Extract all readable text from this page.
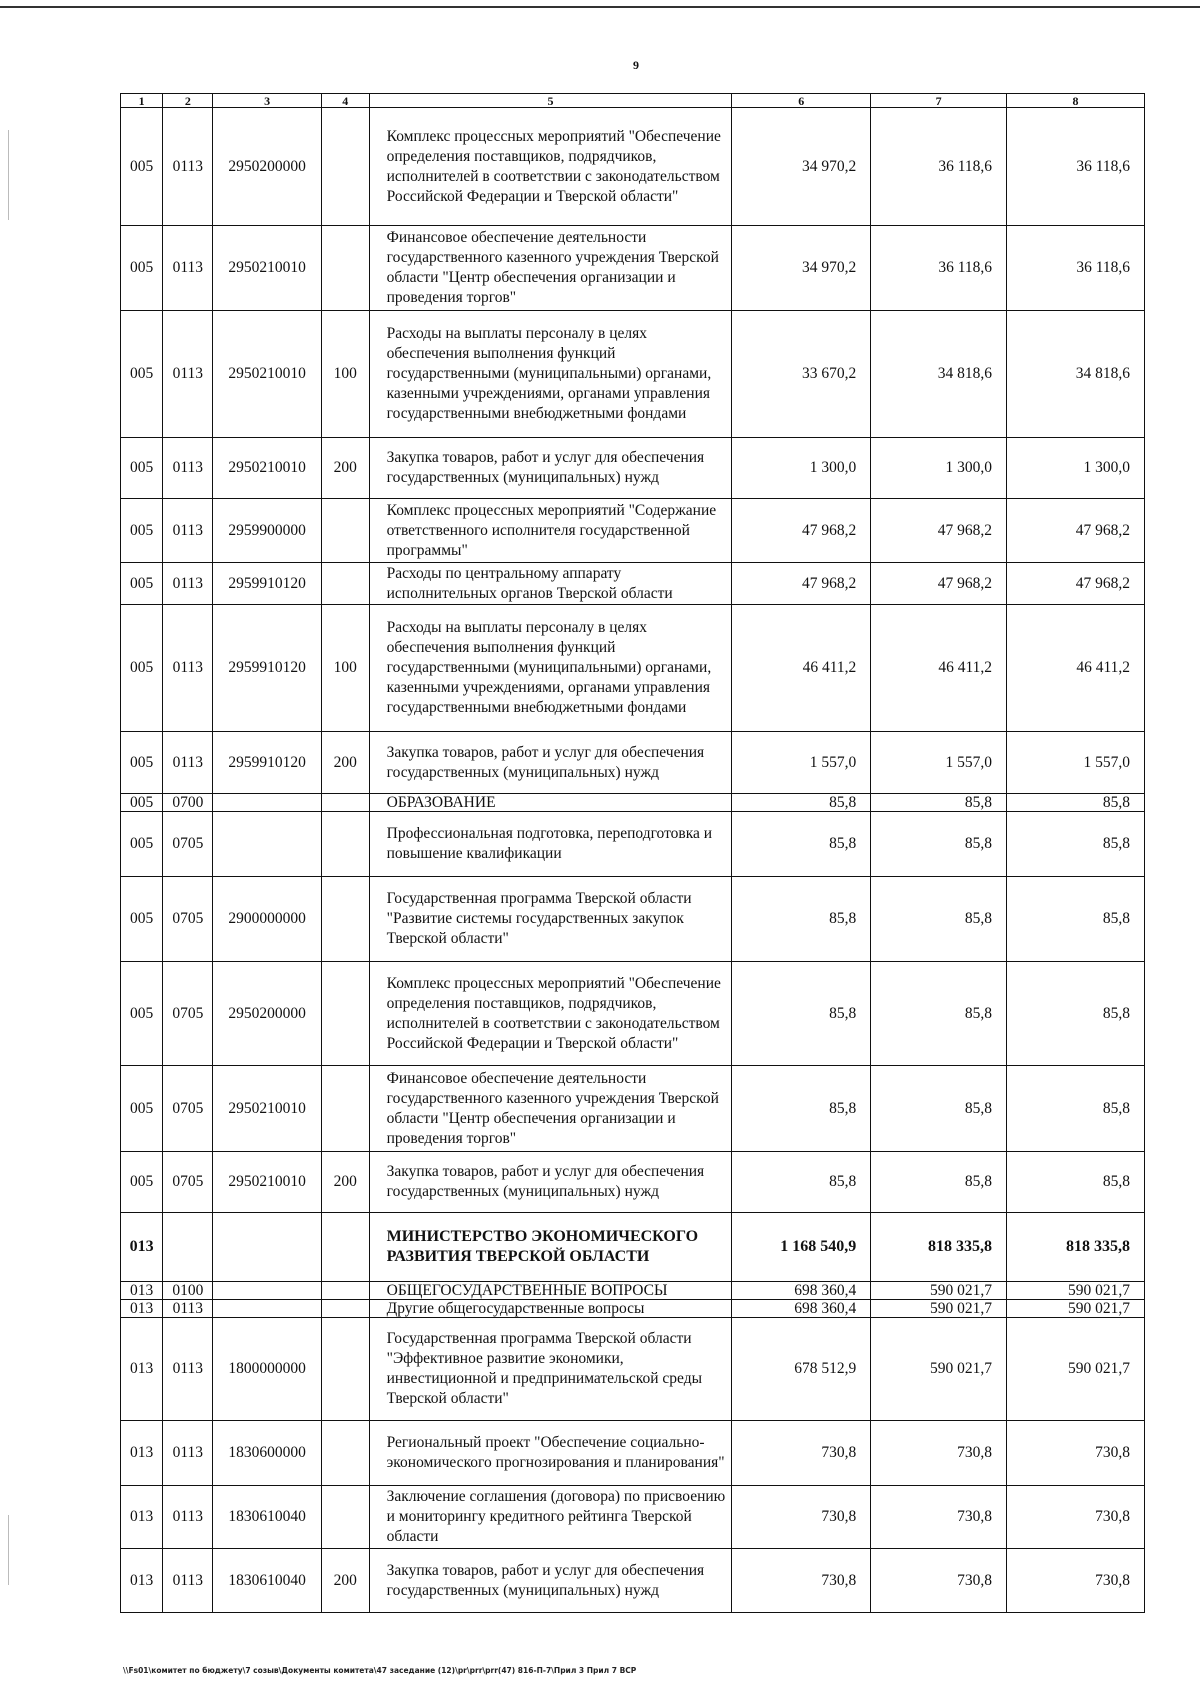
9
1	2	3	4	5	6	7	8
005	0113	2950200000		Комплекс процессных мероприятий "Обеспечение определения поставщиков, подрядчиков, исполнителей в соответствии с законодательством Российской Федерации и Тверской области"	34 970,2	36 118,6	36 118,6
005	0113	2950210010		Финансовое обеспечение деятельности государственного казенного учреждения Тверской области "Центр обеспечения организации и проведения торгов"	34 970,2	36 118,6	36 118,6
005	0113	2950210010	100	Расходы на выплаты персоналу в целях обеспечения выполнения функций государственными (муниципальными) органами, казенными учреждениями, органами управления государственными внебюджетными фондами	33 670,2	34 818,6	34 818,6
005	0113	2950210010	200	Закупка товаров, работ и услуг для обеспечения государственных (муниципальных) нужд	1 300,0	1 300,0	1 300,0
005	0113	2959900000		Комплекс процессных мероприятий "Содержание ответственного исполнителя государственной программы"	47 968,2	47 968,2	47 968,2
005	0113	2959910120		Расходы по центральному аппарату исполнительных органов Тверской области	47 968,2	47 968,2	47 968,2
005	0113	2959910120	100	Расходы на выплаты персоналу в целях обеспечения выполнения функций государственными (муниципальными) органами, казенными учреждениями, органами управления государственными внебюджетными фондами	46 411,2	46 411,2	46 411,2
005	0113	2959910120	200	Закупка товаров, работ и услуг для обеспечения государственных (муниципальных) нужд	1 557,0	1 557,0	1 557,0
005	0700			ОБРАЗОВАНИЕ	85,8	85,8	85,8
005	0705			Профессиональная подготовка, переподготовка и повышение квалификации	85,8	85,8	85,8
005	0705	2900000000		Государственная программа Тверской области "Развитие системы государственных закупок Тверской области"	85,8	85,8	85,8
005	0705	2950200000		Комплекс процессных мероприятий "Обеспечение определения поставщиков, подрядчиков, исполнителей в соответствии с законодательством Российской Федерации и Тверской области"	85,8	85,8	85,8
005	0705	2950210010		Финансовое обеспечение деятельности государственного казенного учреждения Тверской области "Центр обеспечения организации и проведения торгов"	85,8	85,8	85,8
005	0705	2950210010	200	Закупка товаров, работ и услуг для обеспечения государственных (муниципальных) нужд	85,8	85,8	85,8
013				МИНИСТЕРСТВО ЭКОНОМИЧЕСКОГО РАЗВИТИЯ ТВЕРСКОЙ ОБЛАСТИ	1 168 540,9	818 335,8	818 335,8
013	0100			ОБЩЕГОСУДАРСТВЕННЫЕ ВОПРОСЫ	698 360,4	590 021,7	590 021,7
013	0113			Другие общегосударственные вопросы	698 360,4	590 021,7	590 021,7
013	0113	1800000000		Государственная программа Тверской области "Эффективное развитие экономики, инвестиционной и предпринимательской среды Тверской области"	678 512,9	590 021,7	590 021,7
013	0113	1830600000		Региональный проект "Обеспечение социально-экономического прогнозирования и планирования"	730,8	730,8	730,8
013	0113	1830610040		Заключение соглашения (договора) по присвоению и мониторингу кредитного рейтинга Тверской области	730,8	730,8	730,8
013	0113	1830610040	200	Закупка товаров, работ и услуг для обеспечения государственных (муниципальных) нужд	730,8	730,8	730,8
\\Fs01\комитет по бюджету\7 созыв\Документы комитета\47 заседание (12)\pr\prr\prr(47) 816-П-7\Прил 3 Прил 7 ВСР
